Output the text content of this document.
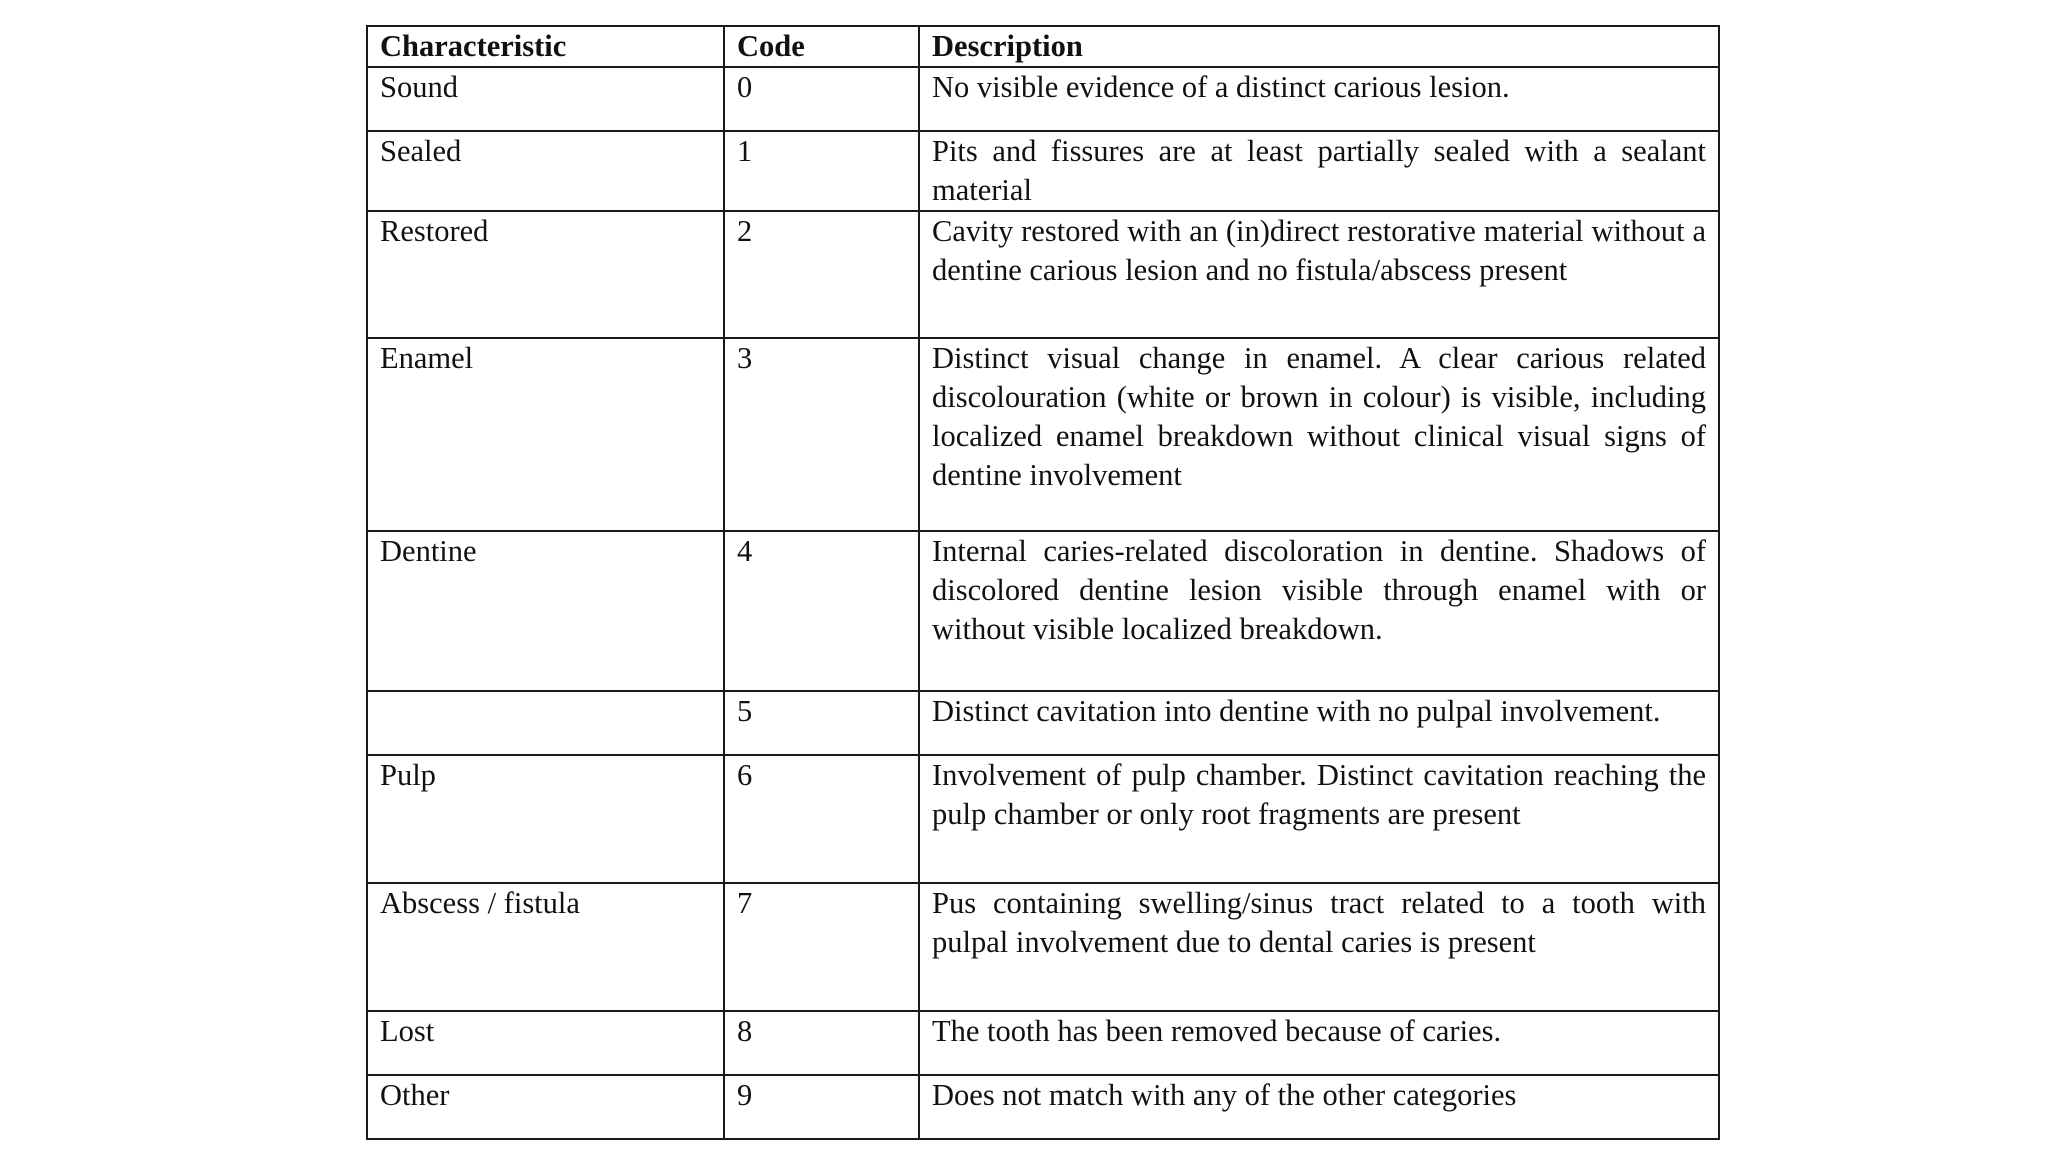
Characteristic	Code	Description
Sound	0	No visible evidence of a distinct carious lesion.
Sealed	1	Pits and fissures are at least partially sealed with a sealant material
Restored	2	Cavity restored with an (in)direct restorative material without a dentine carious lesion and no fistula/abscess present
Enamel	3	Distinct visual change in enamel. A clear carious related discolouration (white or brown in colour) is visible, including localized enamel breakdown without clinical visual signs of dentine involvement
Dentine	4	Internal caries-related discoloration in dentine. Shadows of discolored dentine lesion visible through enamel with or without visible localized breakdown.
	5	Distinct cavitation into dentine with no pulpal involvement.
Pulp	6	Involvement of pulp chamber. Distinct cavitation reaching the pulp chamber or only root fragments are present
Abscess / fistula	7	Pus containing swelling/sinus tract related to a tooth with pulpal involvement due to dental caries is present
Lost	8	The tooth has been removed because of caries.
Other	9	Does not match with any of the other categories
